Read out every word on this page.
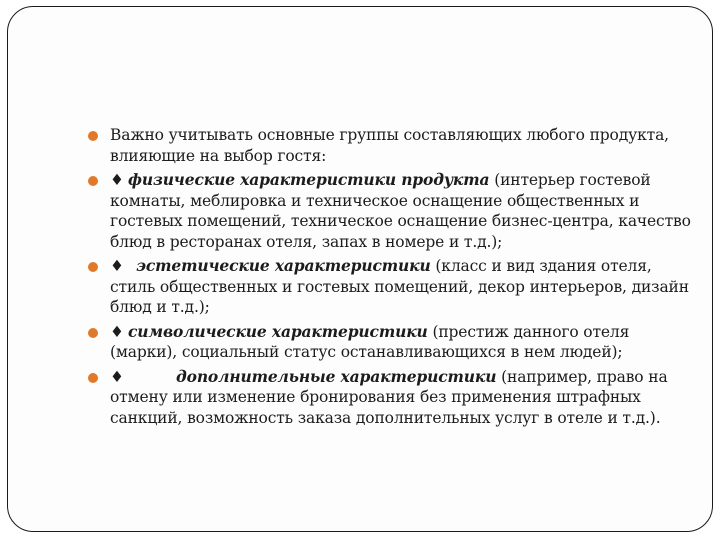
Важно учитывать основные группы составляющих любого продукта, влияющие на выбор гостя:
♦ физические характеристики продукта (интерьер гостевой комнаты, меблировка и техническое оснащение общественных и гостевых помещений, техническое оснащение бизнес-центра, качество блюд в ресторанах отеля, запах в номере и т.д.);
♦ эстетические характеристики (класс и вид здания отеля, стиль общественных и гостевых помещений, декор интерьеров, дизайн блюд и т.д.);
♦ символические характеристики (престиж данного отеля (марки), социальный статус останавливающихся в нем людей);
♦	дополнительные характеристики (например, право на отмену или изменение бронирования без применения штрафных санкций, возможность заказа дополнительных услуг в отеле и т.д.).
